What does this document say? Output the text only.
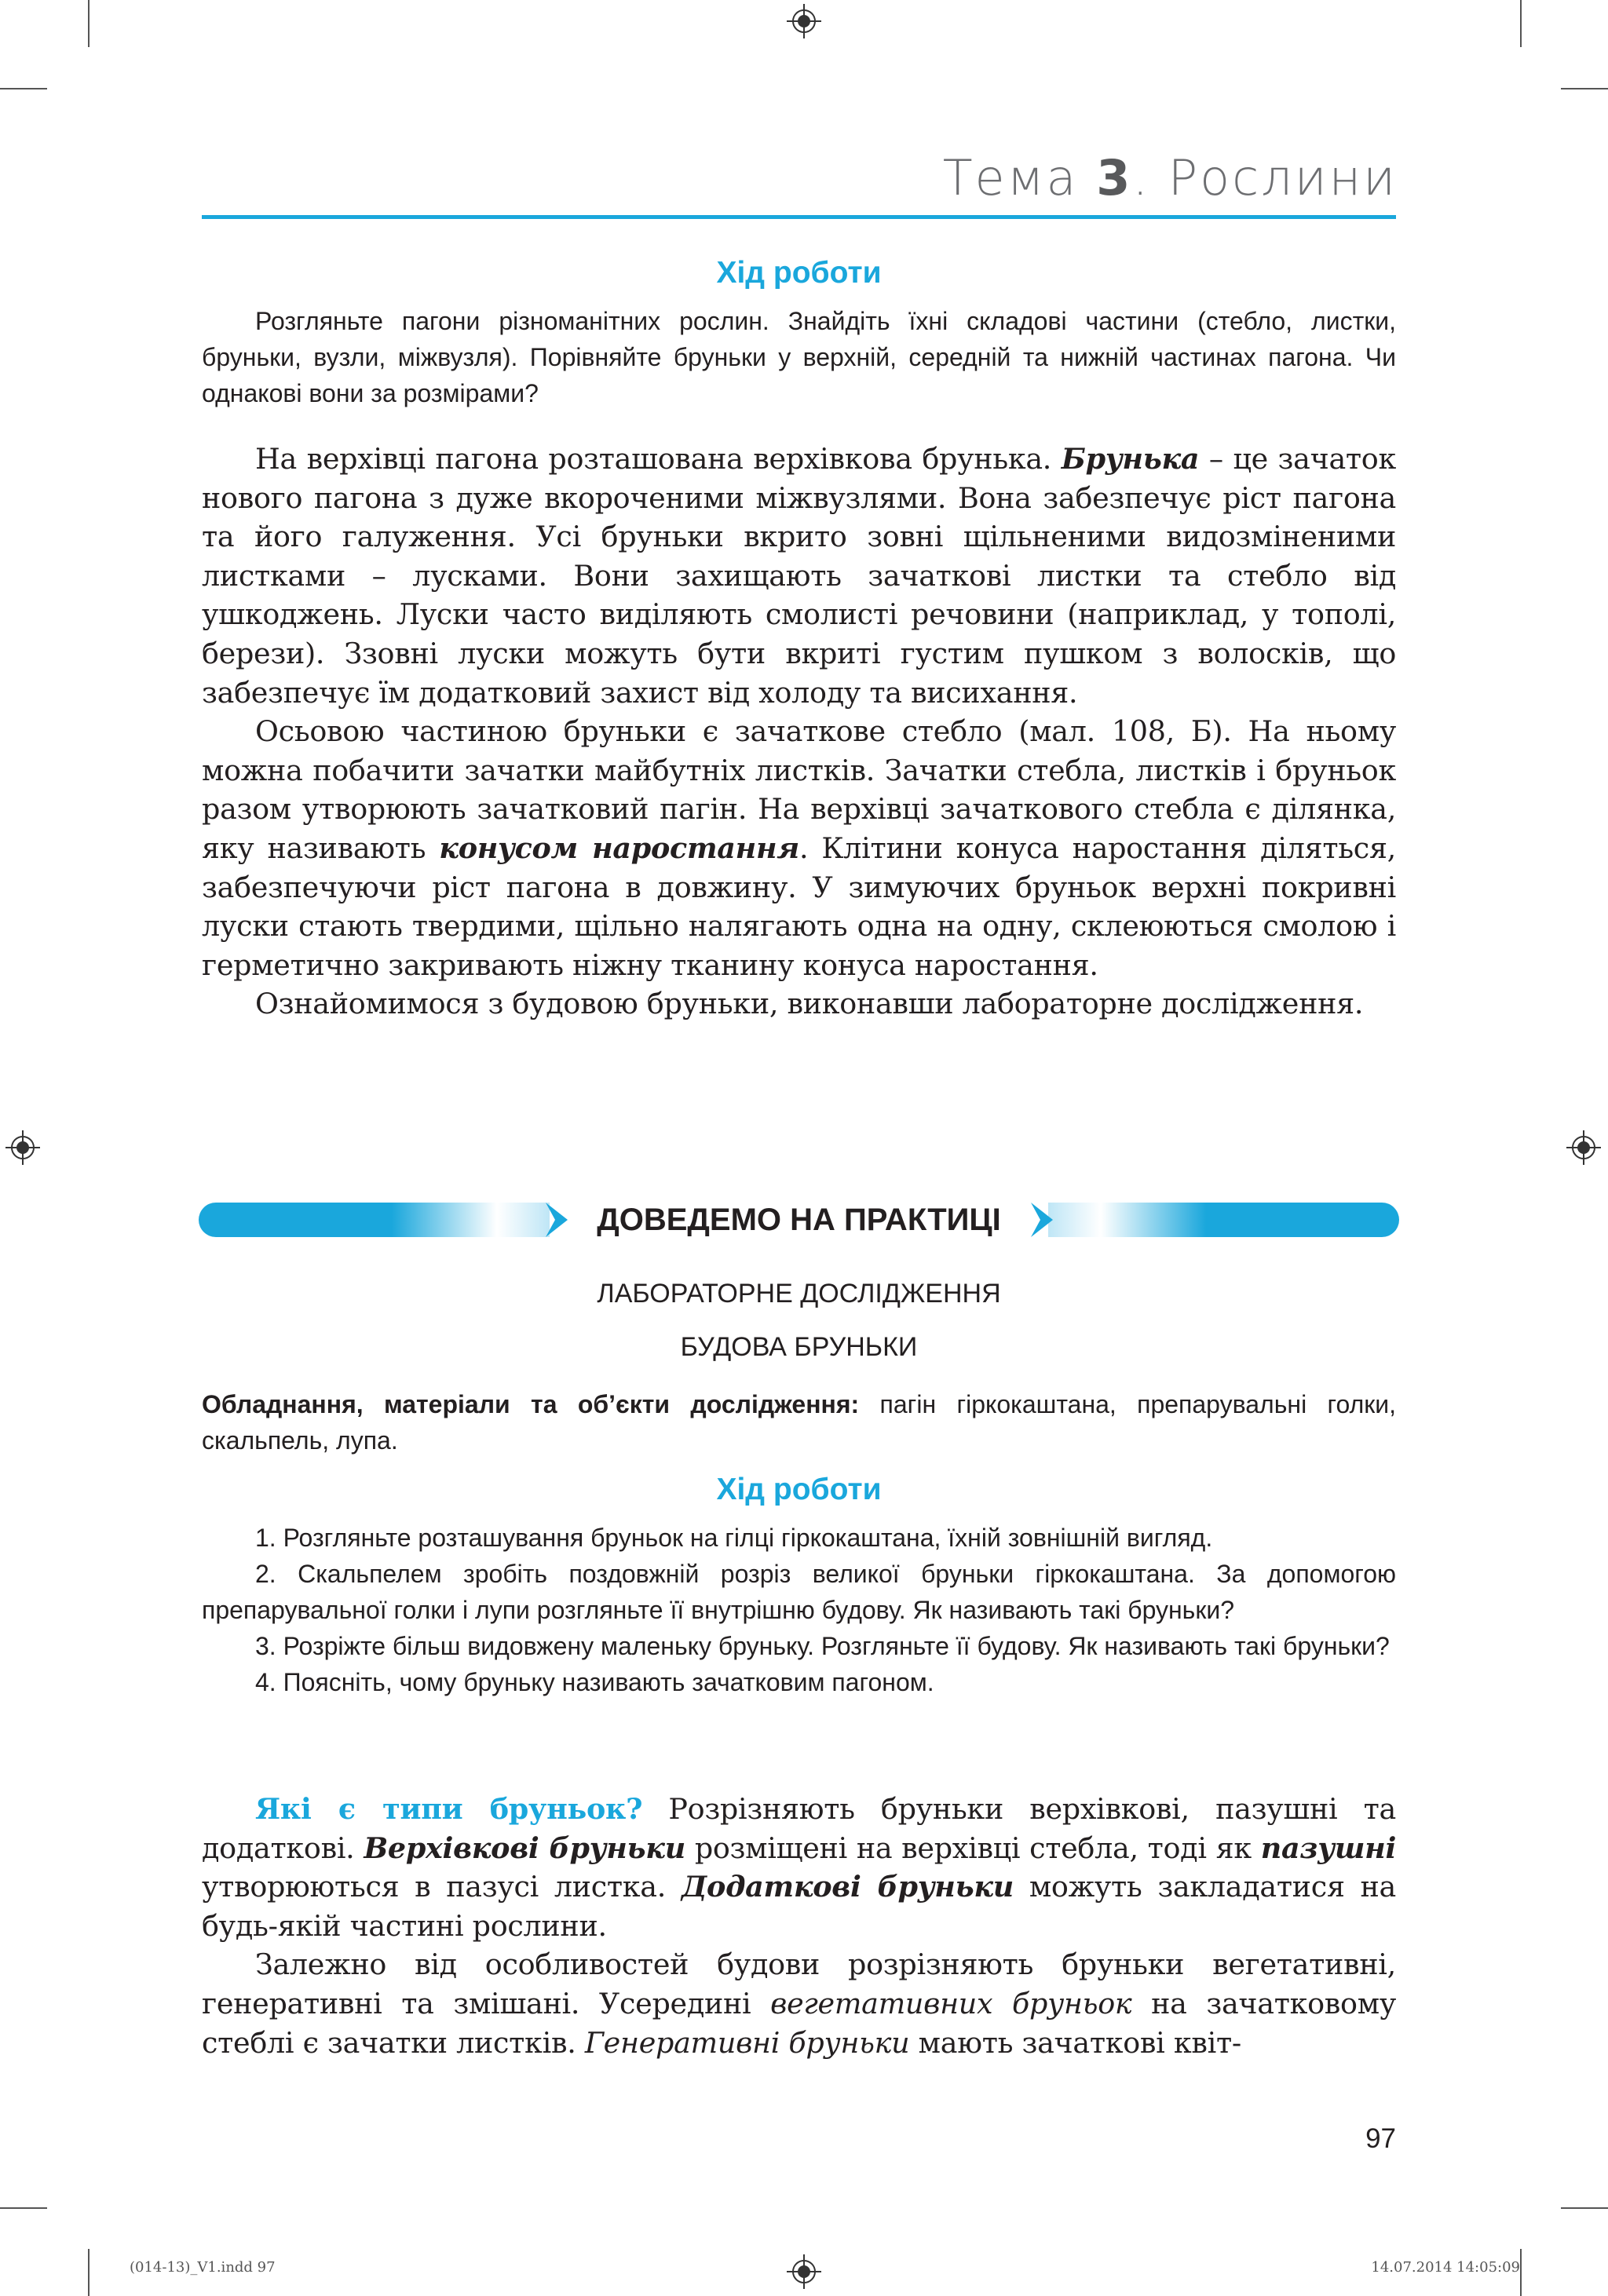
Тема 3. Рослини
Хід роботи
Розгляньте пагони різноманітних рослин. Знайдіть їхні складові частини (стебло, листки, бруньки, вузли, міжвузля). Порівняйте бруньки у верхній, середній та нижній частинах пагона. Чи однакові вони за розмірами?

На верхівці пагона розташована верхівкова брунька. Брунька – це зачаток нового пагона з дуже вкороченими міжвузлями. Вона забезпечує ріст пагона та його галуження. Усі бруньки вкрито зовні щільненими видозміненими листками – лусками. Вони захищають зачаткові листки та стебло від ушкоджень. Луски часто виділяють смолисті речовини (наприклад, у тополі, берези). Ззовні луски можуть бути вкриті густим пушком з волосків, що забезпечує їм додатковий захист від холоду та висихання.

Осьовою частиною бруньки є зачаткове стебло (мал. 108, Б). На ньому можна побачити зачатки майбутніх листків. Зачатки стебла, листків і бруньок разом утворюють зачатковий пагін. На верхівці зачаткового стебла є ділянка, яку називають конусом наростання. Клітини конуса наростання діляться, забезпечуючи ріст пагона в довжину. У зимуючих бруньок верхні покривні луски стають твердими, щільно налягають одна на одну, склеюються смолою і герметично закривають ніжну тканину конуса наростання.

Ознайомимося з будовою бруньки, виконавши лабораторне дослідження.

ДОВЕДЕМО НА ПРАКТИЦІ
ЛАБОРАТОРНЕ ДОСЛІДЖЕННЯ
БУДОВА БРУНЬКИ
Обладнання, матеріали та об’єкти дослідження: пагін гіркокаштана, препарувальні голки, скальпель, лупа.
Хід роботи
1. Розгляньте розташування бруньок на гілці гіркокаштана, їхній зовнішній вигляд.
2. Скальпелем зробіть поздовжній розріз великої бруньки гіркокаштана. За допомогою препарувальної голки і лупи розгляньте її внутрішню будову. Як називають такі бруньки?
3. Розріжте більш видовжену маленьку бруньку. Розгляньте її будову. Як називають такі бруньки?
4. Поясніть, чому бруньку називають зачатковим пагоном.

Які є типи бруньок? Розрізняють бруньки верхівкові, пазушні та додаткові. Верхівкові бруньки розміщені на верхівці стебла, тоді як пазушні утворюються в пазусі листка. Додаткові бруньки можуть закладатися на будь-якій частині рослини.

Залежно від особливостей будови розрізняють бруньки вегетативні, генеративні та змішані. Усередині вегетативних бруньок на зачатковому стеблі є зачатки листків. Генеративні бруньки мають зачаткові квіт-

97
(014-13)_V1.indd 97	14.07.2014 14:05:09
